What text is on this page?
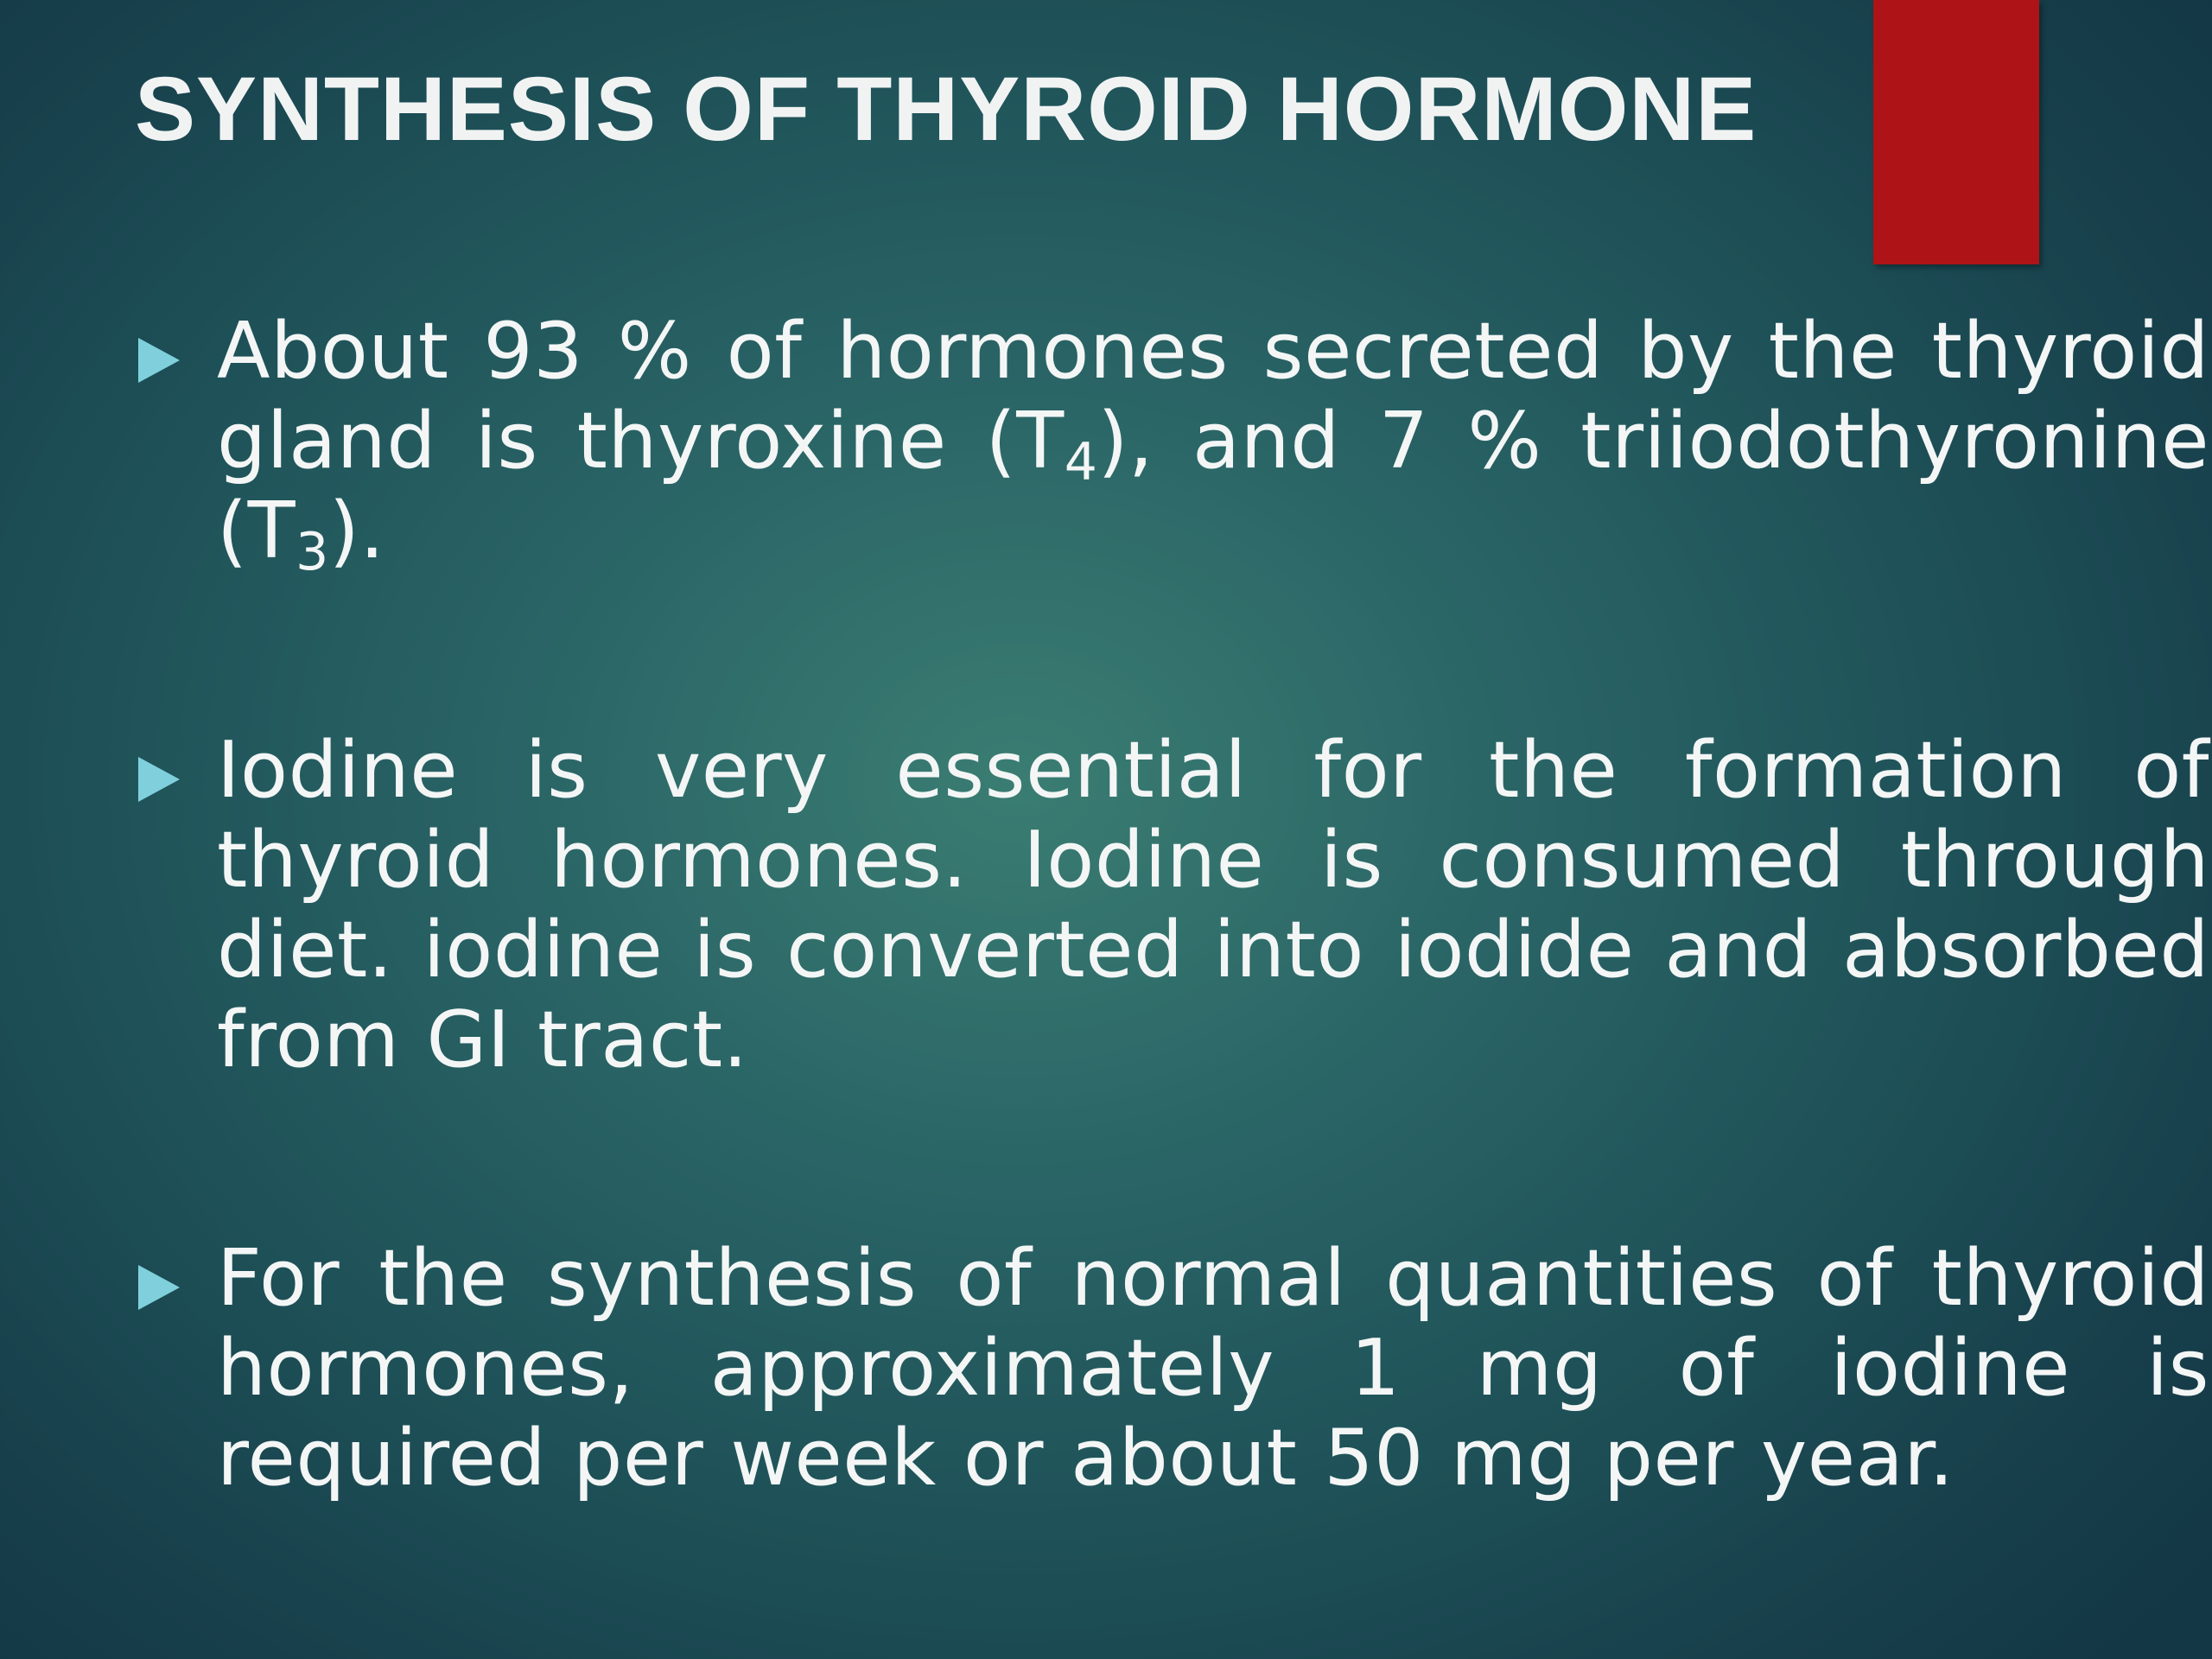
SYNTHESIS OF THYROID HORMONE
About 93 % of hormones secreted by the thyroid gland is thyroxine $(T_4)$, and 7 % triiodothyronine $(T_3)$.
Iodine is very essential for the formation of thyroid hormones. Iodine is consumed through diet. iodine is converted into iodide and absorbed from GI tract.
For the synthesis of normal quantities of thyroid hormones, approximately 1 mg of iodine is required per week or about 50 mg per year.
